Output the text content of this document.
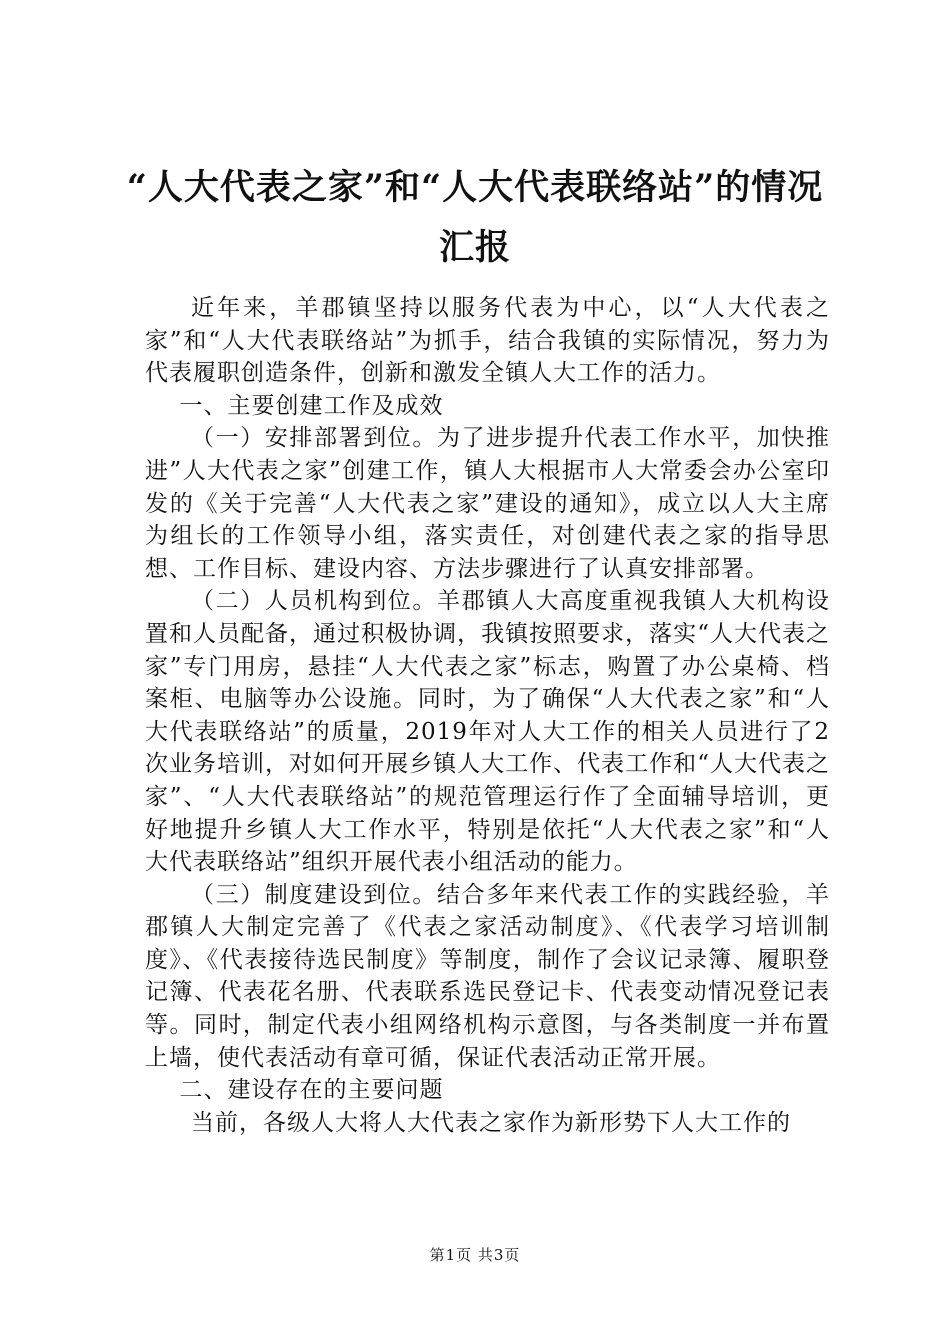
“人大代表之家”和“人大代表联络站”的情况汇报

近年来，羊郡镇坚持以服务代表为中心，以“人大代表之家”和“人大代表联络站”为抓手，结合我镇的实际情况，努力为代表履职创造条件，创新和激发全镇人大工作的活力。

一、主要创建工作及成效

（一）安排部署到位。为了进步提升代表工作水平，加快推进”人大代表之家”创建工作，镇人大根据市人大常委会办公室印发的《关于完善“人大代表之家”建设的通知》，成立以人大主席为组长的工作领导小组，落实责任，对创建代表之家的指导思想、工作目标、建设内容、方法步骤进行了认真安排部署。

（二）人员机构到位。羊郡镇人大高度重视我镇人大机构设置和人员配备，通过积极协调，我镇按照要求，落实“人大代表之家”专门用房，悬挂“人大代表之家”标志，购置了办公桌椅、档案柜、电脑等办公设施。同时，为了确保“人大代表之家”和“人大代表联络站”的质量，2019年对人大工作的相关人员进行了2次业务培训，对如何开展乡镇人大工作、代表工作和“人大代表之家”、“人大代表联络站”的规范管理运行作了全面辅导培训，更好地提升乡镇人大工作水平，特别是依托“人大代表之家”和“人大代表联络站”组织开展代表小组活动的能力。

（三）制度建设到位。结合多年来代表工作的实践经验，羊郡镇人大制定完善了《代表之家活动制度》、《代表学习培训制度》、《代表接待选民制度》等制度，制作了会议记录簿、履职登记簿、代表花名册、代表联系选民登记卡、代表变动情况登记表等。同时，制定代表小组网络机构示意图，与各类制度一并布置上墙，使代表活动有章可循，保证代表活动正常开展。

二、建设存在的主要问题

当前，各级人大将人大代表之家作为新形势下人大工作的

第1页 共3页
